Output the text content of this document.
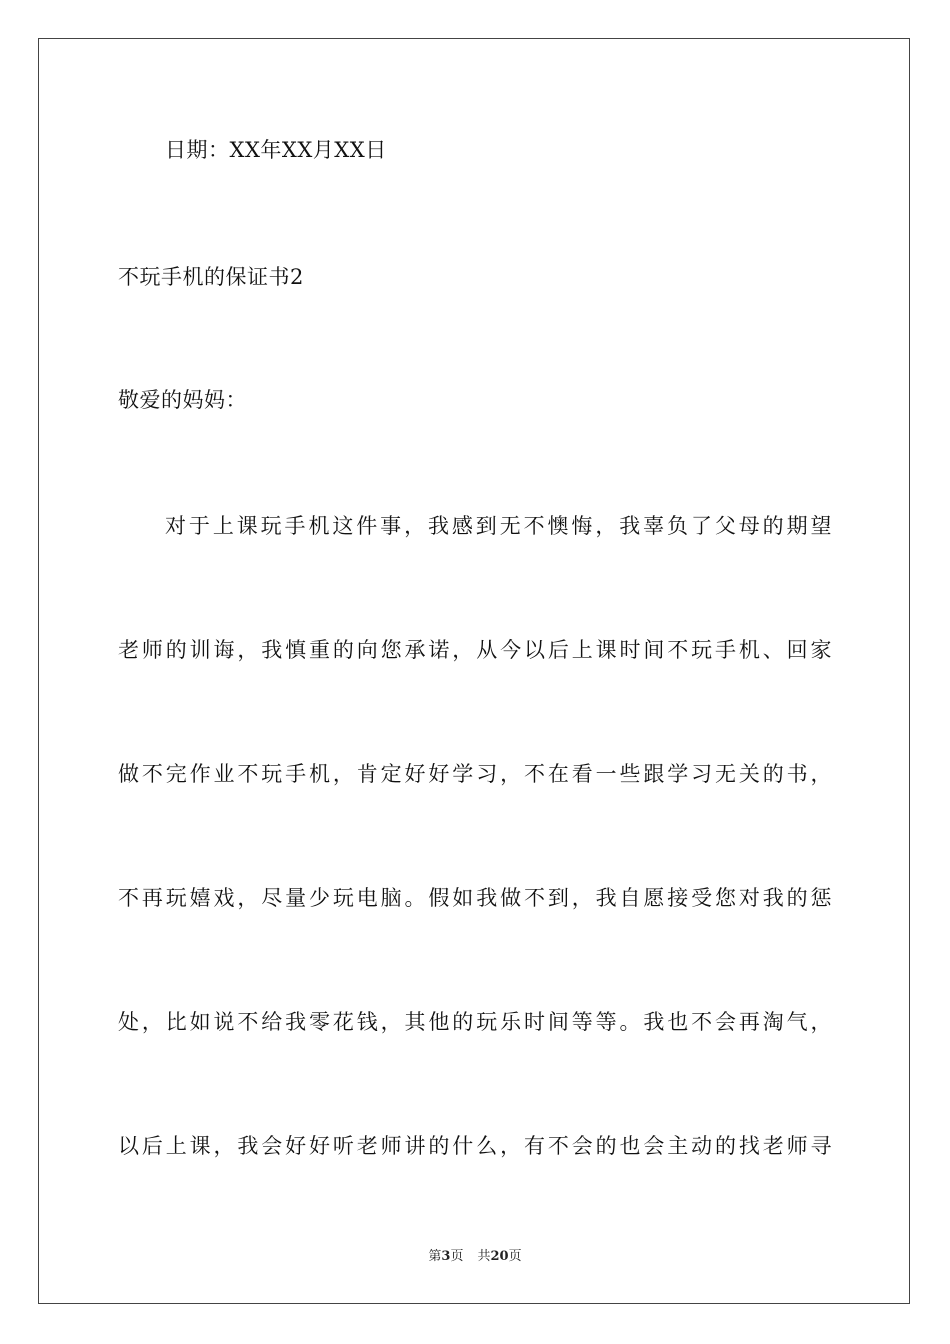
日期：XX年XX月XX日
不玩手机的保证书2
敬爱的妈妈：
对于上课玩手机这件事，我感到无不懊悔，我辜负了父母的期望
老师的训诲，我慎重的向您承诺，从今以后上课时间不玩手机、回家
做不完作业不玩手机，肯定好好学习，不在看一些跟学习无关的书，
不再玩嬉戏，尽量少玩电脑。假如我做不到，我自愿接受您对我的惩
处，比如说不给我零花钱，其他的玩乐时间等等。我也不会再淘气，
以后上课，我会好好听老师讲的什么，有不会的也会主动的找老师寻
第3页 共20页
